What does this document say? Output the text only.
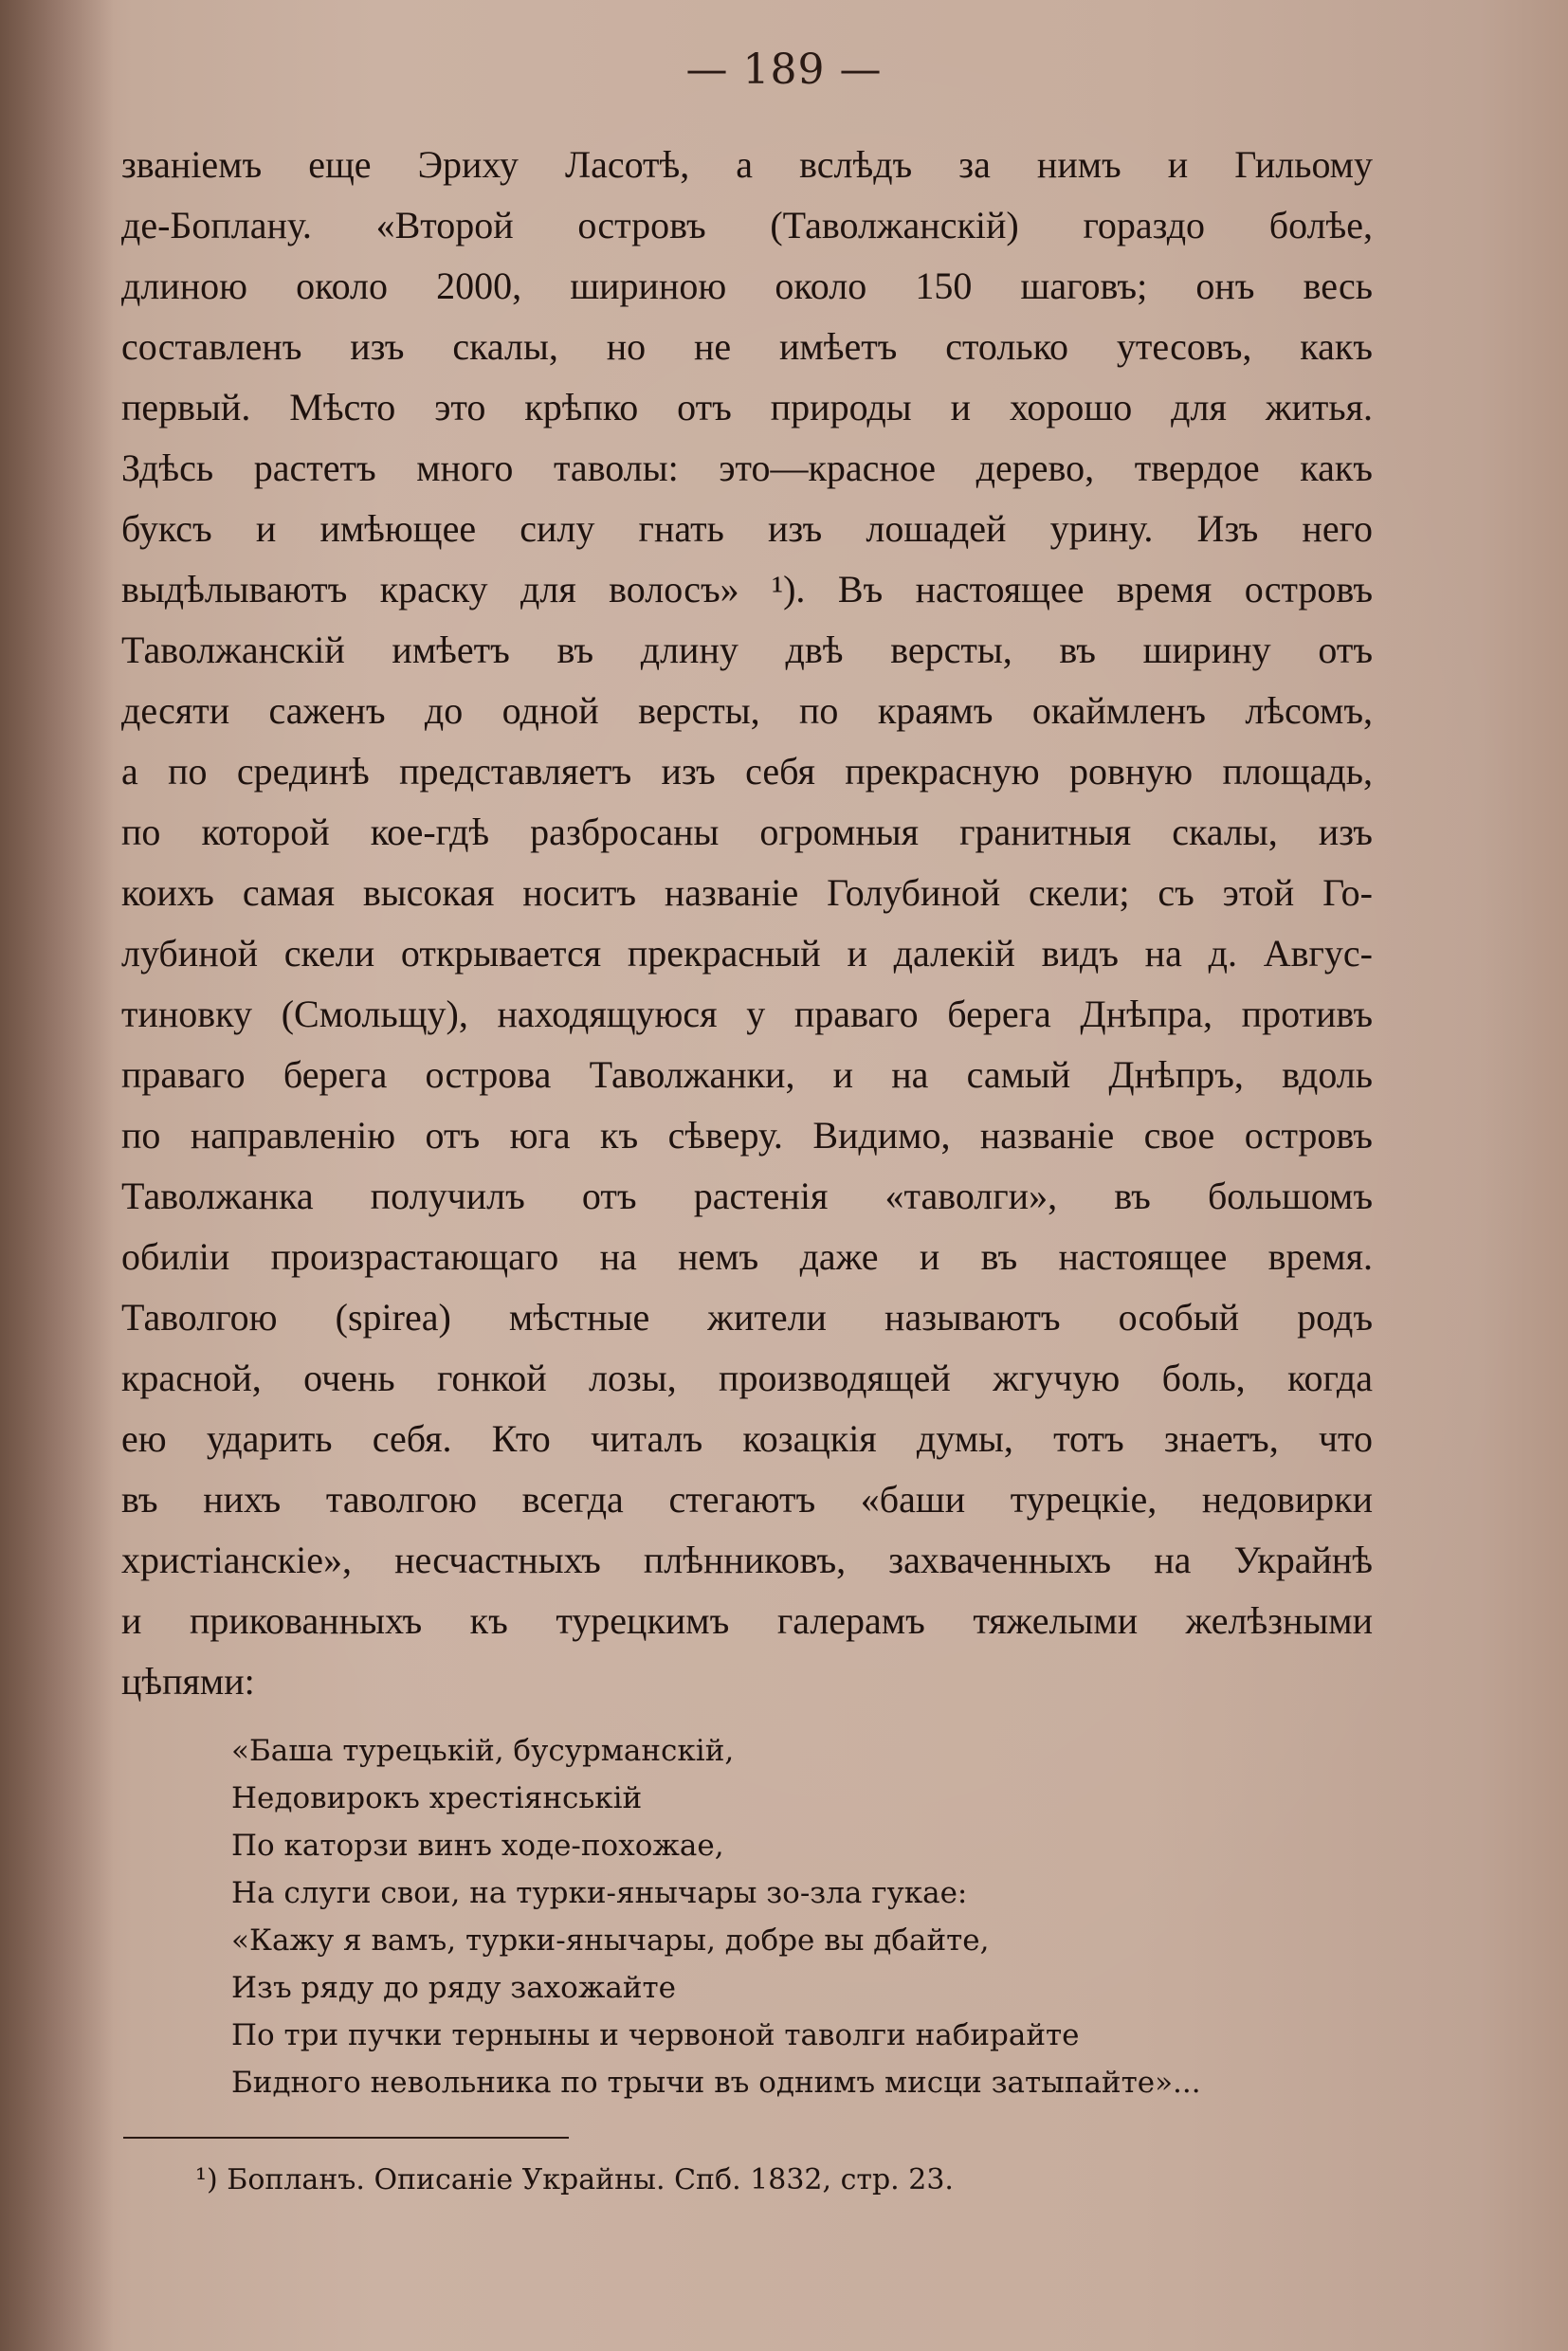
— 189 —
званіемъ еще Эриху Ласотѣ, а вслѣдъ за нимъ и Гильому
де-Боплану. «Второй островъ (Таволжанскій) гораздо болѣе,
длиною около 2000, шириною около 150 шаговъ; онъ весь
составленъ изъ скалы, но не имѣетъ столько утесовъ, какъ
первый. Мѣсто это крѣпко отъ природы и хорошо для житья.
Здѣсь растетъ много таволы: это—красное дерево, твердое какъ
буксъ и имѣющее силу гнать изъ лошадей урину. Изъ него
выдѣлываютъ краску для волосъ» ¹). Въ настоящее время островъ
Таволжанскій имѣетъ въ длину двѣ версты, въ ширину отъ
десяти саженъ до одной версты, по краямъ окаймленъ лѣсомъ,
а по срединѣ представляетъ изъ себя прекрасную ровную площадь,
по которой кое-гдѣ разбросаны огромныя гранитныя скалы, изъ
коихъ самая высокая носитъ названіе Голубиной скели; съ этой Го-
лубиной скели открывается прекрасный и далекій видъ на д. Авгус-
тиновку (Смольщу), находящуюся у праваго берега Днѣпра, противъ
праваго берега острова Таволжанки, и на самый Днѣпръ, вдоль
по направленію отъ юга къ сѣверу. Видимо, названіе свое островъ
Таволжанка получилъ отъ растенія «таволги», въ большомъ
обиліи произрастающаго на немъ даже и въ настоящее время.
Таволгою (spirea) мѣстные жители называютъ особый родъ
красной, очень гонкой лозы, производящей жгучую боль, когда
ею ударить себя. Кто читалъ козацкія думы, тотъ знаетъ, что
въ нихъ таволгою всегда стегаютъ «баши турецкіе, недовирки
христіанскіе», несчастныхъ плѣнниковъ, захваченныхъ на Украйнѣ
и прикованныхъ къ турецкимъ галерамъ тяжелыми желѣзными
цѣпями:
«Баша турецькій, бусурманскій,
Недовирокъ хрестіянській
По каторзи винъ ходе-похожае,
На слуги свои, на турки-янычары зо-зла гукае:
«Кажу я вамъ, турки-янычары, добре вы дбайте,
Изъ ряду до ряду захожайте
По три пучки терныны и червоной таволги набирайте
Бидного невольника по трычи въ однимъ мисци затыпайте»...
¹) Бопланъ. Описаніе Украйны. Спб. 1832, стр. 23.
